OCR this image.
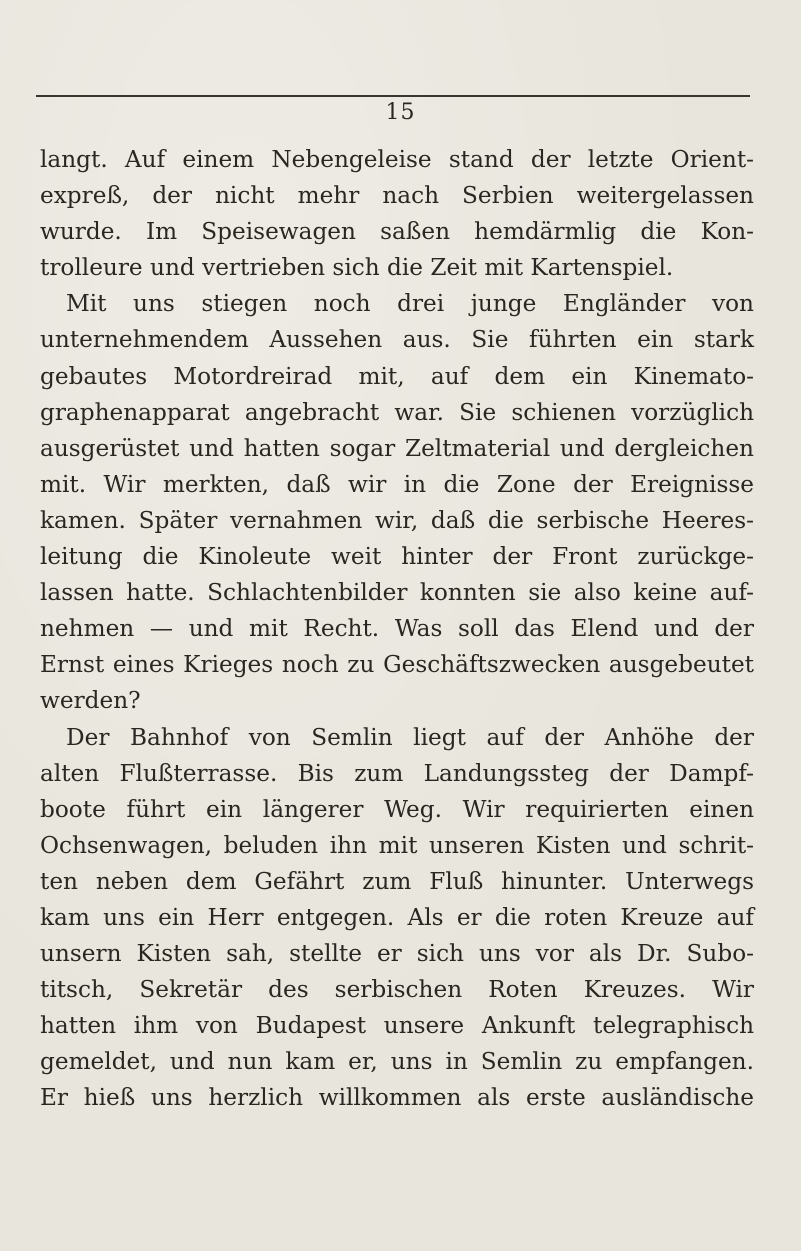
15
langt. Auf einem Nebengeleise stand der letzte Orient-
expreß, der nicht mehr nach Serbien weitergelassen
wurde. Im Speisewagen saßen hemdärmlig die Kon-
trolleure und vertrieben sich die Zeit mit Kartenspiel.
Mit uns stiegen noch drei junge Engländer von
unternehmendem Aussehen aus. Sie führten ein stark
gebautes Motordreirad mit, auf dem ein Kinemato-
graphenapparat angebracht war. Sie schienen vorzüglich
ausgerüstet und hatten sogar Zeltmaterial und dergleichen
mit. Wir merkten, daß wir in die Zone der Ereignisse
kamen. Später vernahmen wir, daß die serbische Heeres-
leitung die Kinoleute weit hinter der Front zurückge-
lassen hatte. Schlachtenbilder konnten sie also keine auf-
nehmen — und mit Recht. Was soll das Elend und der
Ernst eines Krieges noch zu Geschäftszwecken ausgebeutet
werden?
Der Bahnhof von Semlin liegt auf der Anhöhe der
alten Flußterrasse. Bis zum Landungssteg der Dampf-
boote führt ein längerer Weg. Wir requirierten einen
Ochsenwagen, beluden ihn mit unseren Kisten und schrit-
ten neben dem Gefährt zum Fluß hinunter. Unterwegs
kam uns ein Herr entgegen. Als er die roten Kreuze auf
unsern Kisten sah, stellte er sich uns vor als Dr. Subo-
titsch, Sekretär des serbischen Roten Kreuzes. Wir
hatten ihm von Budapest unsere Ankunft telegraphisch
gemeldet, und nun kam er, uns in Semlin zu empfangen.
Er hieß uns herzlich willkommen als erste ausländische
